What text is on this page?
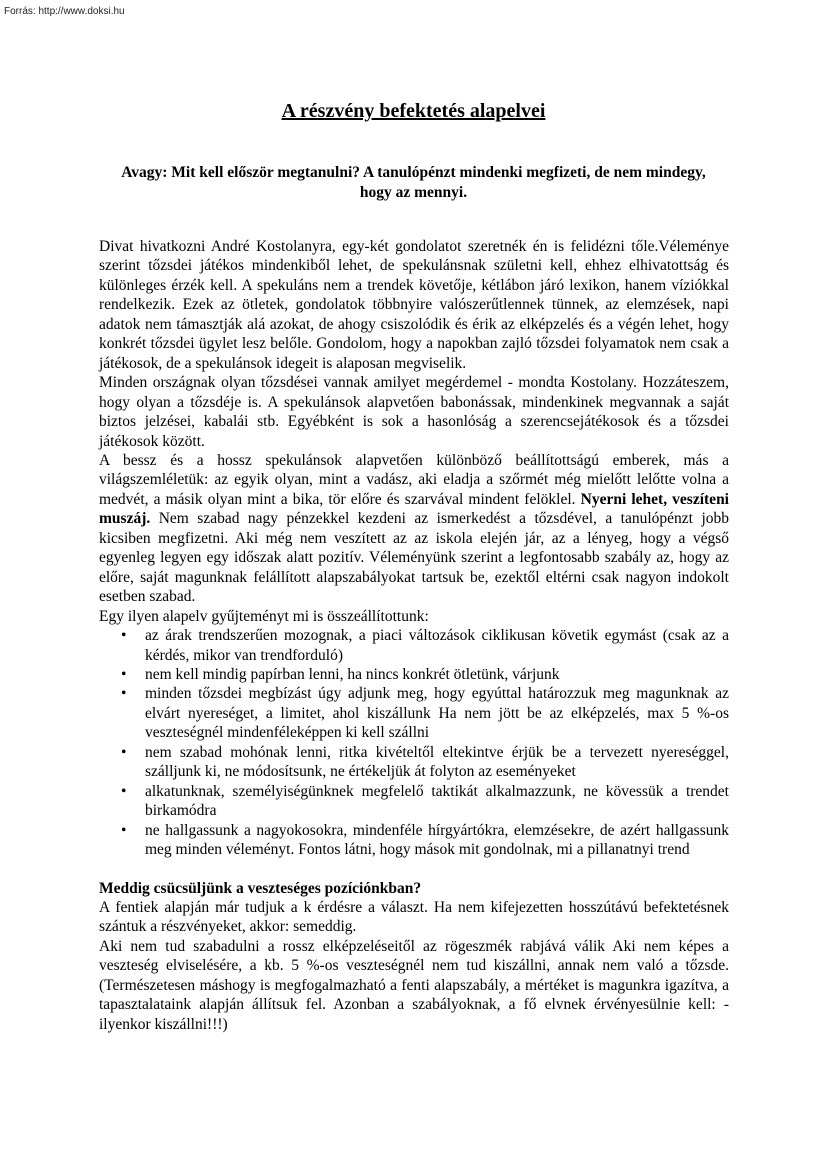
Forrás: http://www.doksi.hu
A részvény befektetés alapelvei

Avagy: Mit kell először megtanulni? A tanulópénzt mindenki megfizeti, de nem mindegy, hogy az mennyi.

Divat hivatkozni André Kostolanyra, egy-két gondolatot szeretnék én is felidézni tőle.Véleménye szerint tőzsdei játékos mindenkiből lehet, de spekulánsnak születni kell, ehhez elhivatottság és különleges érzék kell. A spekuláns nem a trendek követője, kétlábon járó lexikon, hanem víziókkal rendelkezik. Ezek az ötletek, gondolatok többnyire valószerűtlennek tünnek, az elemzések, napi adatok nem támasztják alá azokat, de ahogy csiszolódik és érik az elképzelés és a végén lehet, hogy konkrét tőzsdei ügylet lesz belőle. Gondolom, hogy a napokban zajló tőzsdei folyamatok nem csak a játékosok, de a spekulánsok idegeit is alaposan megviselik.

Minden országnak olyan tőzsdései vannak amilyet megérdemel - mondta Kostolany. Hozzáteszem, hogy olyan a tőzsdéje is. A spekulánsok alapvetően babonássak, mindenkinek megvannak a saját biztos jelzései, kabalái stb. Egyébként is sok a hasonlóság a szerencsejátékosok és a tőzsdei játékosok között.

A bessz és a hossz spekulánsok alapvetően különböző beállítottságú emberek, más a világszemléletük: az egyik olyan, mint a vadász, aki eladja a szőrmét még mielőtt lelőtte volna a medvét, a másik olyan mint a bika, tör előre és szarvával mindent felöklel. Nyerni lehet, veszíteni muszáj. Nem szabad nagy pénzekkel kezdeni az ismerkedést a tőzsdével, a tanulópénzt jobb kicsiben megfizetni. Aki még nem veszített az az iskola elején jár, az a lényeg, hogy a végső egyenleg legyen egy időszak alatt pozitív. Véleményünk szerint a legfontosabb szabály az, hogy az előre, saját magunknak felállított alapszabályokat tartsuk be, ezektől eltérni csak nagyon indokolt esetben szabad.

Egy ilyen alapelv gyűjteményt mi is összeállítottunk:

• az árak trendszerűen mozognak, a piaci változások ciklikusan követik egymást (csak az a kérdés, mikor van trendforduló)
• nem kell mindig papírban lenni, ha nincs konkrét ötletünk, várjunk
• minden tőzsdei megbízást úgy adjunk meg, hogy egyúttal határozzuk meg magunknak az elvárt nyereséget, a limitet, ahol kiszállunk Ha nem jött be az elképzelés, max 5 %-os veszteségnél mindenféleképpen ki kell szállni
• nem szabad mohónak lenni, ritka kivételtől eltekintve érjük be a tervezett nyereséggel, szálljunk ki, ne módosítsunk, ne értékeljük át folyton az eseményeket
• alkatunknak, személyiségünknek megfelelő taktikát alkalmazzunk, ne kövessük a trendet birkamódra
• ne hallgassunk a nagyokosokra, mindenféle hírgyártókra, elemzésekre, de azért hallgassunk meg minden véleményt. Fontos látni, hogy mások mit gondolnak, mi a pillanatnyi trend

Meddig csücsüljünk a veszteséges pozíciónkban?

A fentiek alapján már tudjuk a k érdésre a választ. Ha nem kifejezetten hosszútávú befektetésnek szántuk a részvényeket, akkor: semeddig.

Aki nem tud szabadulni a rossz elképzeléseitől az rögeszmék rabjává válik Aki nem képes a veszteség elviselésére, a kb. 5 %-os veszteségnél nem tud kiszállni, annak nem való a tőzsde. (Természetesen máshogy is megfogalmazható a fenti alapszabály, a mértéket is magunkra igazítva, a tapasztalataink alapján állítsuk fel. Azonban a szabályoknak, a fő elvnek érvényesülnie kell: -ilyenkor kiszállni!!!)
